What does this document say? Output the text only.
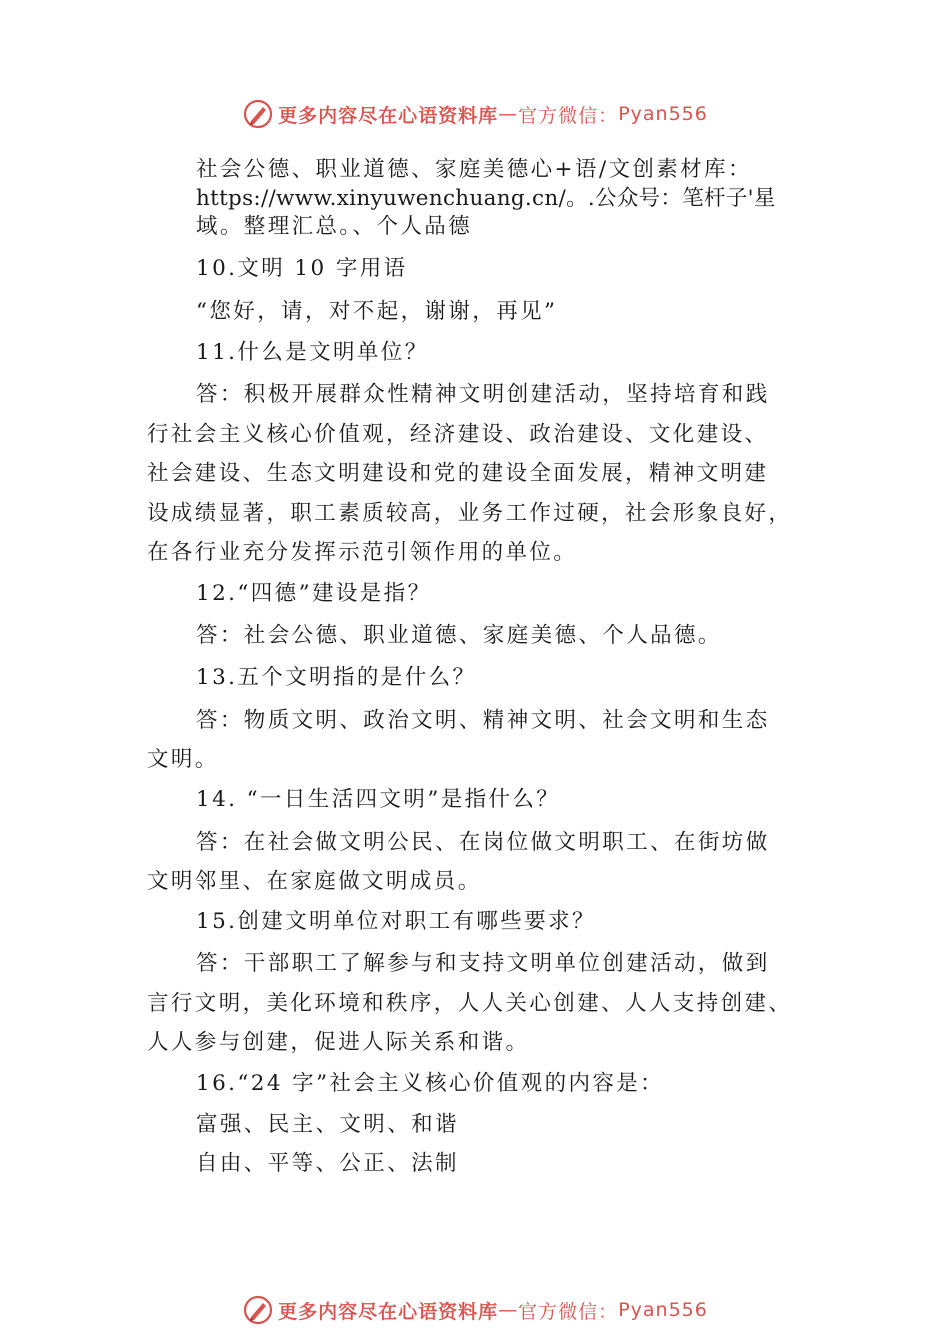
更多内容尽在心语资料库 — 官方微信： Pyan556
社会公德、职业道德、家庭美德心+语/文创素材库：
https://www.xinyuwenchuang.cn/。.公众号：笔杆子'星
域。整理汇总。、个人品德
10.文明 10 字用语
“您好，请，对不起，谢谢，再见”
11.什么是文明单位？
答：积极开展群众性精神文明创建活动，坚持培育和践
行社会主义核心价值观，经济建设、政治建设、文化建设、
社会建设、生态文明建设和党的建设全面发展，精神文明建
设成绩显著，职工素质较高，业务工作过硬，社会形象良好，
在各行业充分发挥示范引领作用的单位。
12.“四德”建设是指？
答：社会公德、职业道德、家庭美德、个人品德。
13.五个文明指的是什么？
答：物质文明、政治文明、精神文明、社会文明和生态
文明。
14. “一日生活四文明”是指什么？
答：在社会做文明公民、在岗位做文明职工、在街坊做
文明邻里、在家庭做文明成员。
15.创建文明单位对职工有哪些要求？
答：干部职工了解参与和支持文明单位创建活动，做到
言行文明，美化环境和秩序，人人关心创建、人人支持创建、
人人参与创建，促进人际关系和谐。
16.“24 字”社会主义核心价值观的内容是：
富强、民主、文明、和谐
自由、平等、公正、法制
更多内容尽在心语资料库 — 官方微信： Pyan556
